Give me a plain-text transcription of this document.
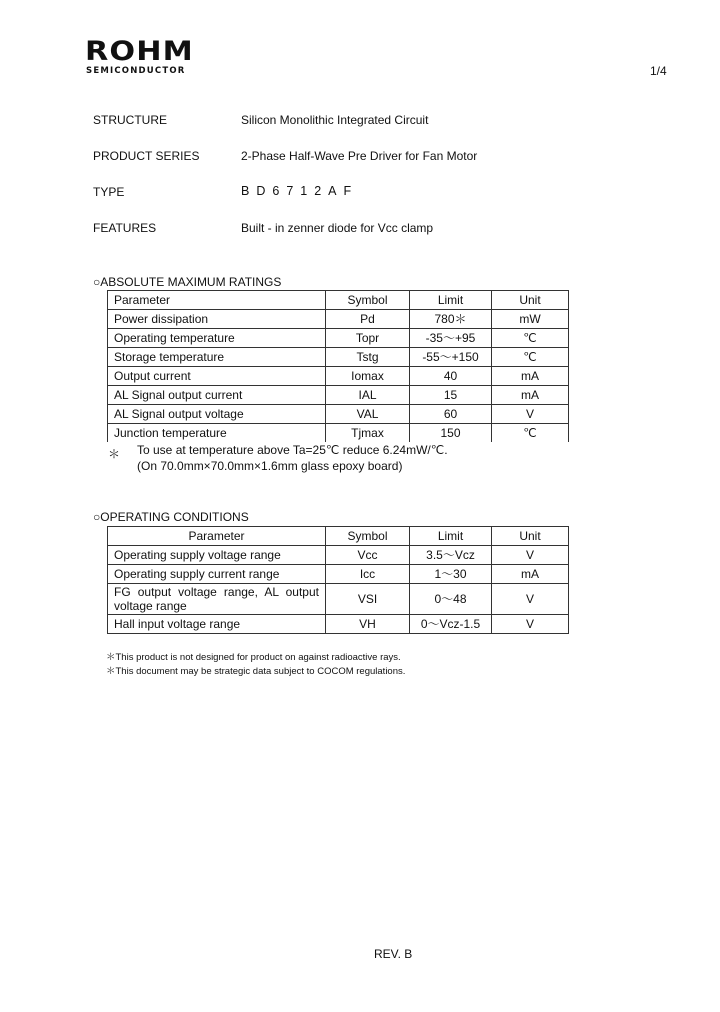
ROHM
SEMICONDUCTOR	1/4
STRUCTURE	Silicon Monolithic Integrated Circuit
PRODUCT SERIES	2-Phase Half-Wave Pre Driver for Fan Motor
TYPE	BD6712AF
FEATURES	Built - in zenner diode for Vcc clamp
○ABSOLUTE MAXIMUM RATINGS
Parameter	Symbol	Limit	Unit
Power dissipation	Pd	780＊	mW
Operating temperature	Topr	-35～+95	℃
Storage temperature	Tstg	-55～+150	℃
Output current	Iomax	40	mA
AL Signal output current	IAL	15	mA
AL Signal output voltage	VAL	60	V
Junction temperature	Tjmax	150	℃
＊ To use at temperature above Ta=25℃ reduce 6.24mW/℃.
(On 70.0mm×70.0mm×1.6mm glass epoxy board)
○OPERATING CONDITIONS
Parameter	Symbol	Limit	Unit
Operating supply voltage range	Vcc	3.5～Vcz	V
Operating supply current range	Icc	1～30	mA
FG output voltage range, AL output voltage range	VSI	0～48	V
Hall input voltage range	VH	0～Vcz-1.5	V
＊This product is not designed for product on against radioactive rays.
＊This document may be strategic data subject to COCOM regulations.
REV. B
